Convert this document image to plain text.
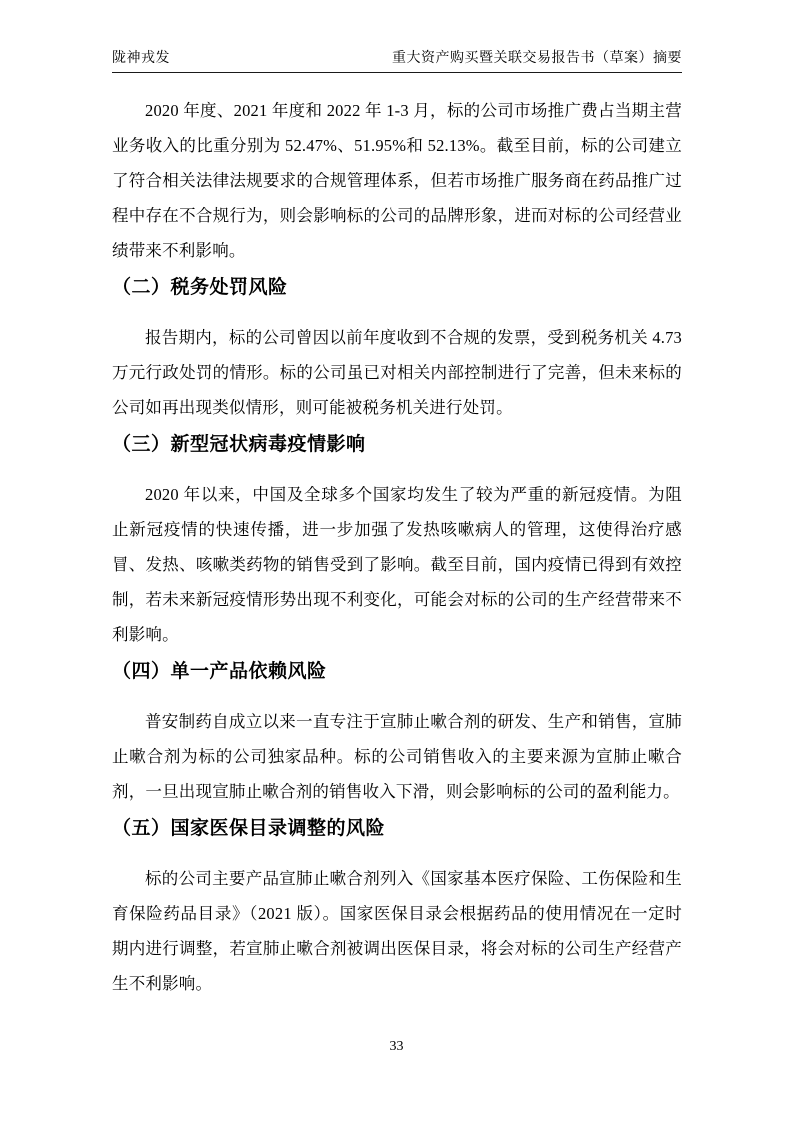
陇神戎发	重大资产购买暨关联交易报告书（草案）摘要

2020 年度、2021 年度和 2022 年 1-3 月，标的公司市场推广费占当期主营业务收入的比重分别为 52.47%、51.95%和 52.13%。截至目前，标的公司建立了符合相关法律法规要求的合规管理体系，但若市场推广服务商在药品推广过程中存在不合规行为，则会影响标的公司的品牌形象，进而对标的公司经营业绩带来不利影响。

（二）税务处罚风险

报告期内，标的公司曾因以前年度收到不合规的发票，受到税务机关 4.73 万元行政处罚的情形。标的公司虽已对相关内部控制进行了完善，但未来标的公司如再出现类似情形，则可能被税务机关进行处罚。

（三）新型冠状病毒疫情影响

2020 年以来，中国及全球多个国家均发生了较为严重的新冠疫情。为阻止新冠疫情的快速传播，进一步加强了发热咳嗽病人的管理，这使得治疗感冒、发热、咳嗽类药物的销售受到了影响。截至目前，国内疫情已得到有效控制，若未来新冠疫情形势出现不利变化，可能会对标的公司的生产经营带来不利影响。

（四）单一产品依赖风险

普安制药自成立以来一直专注于宣肺止嗽合剂的研发、生产和销售，宣肺止嗽合剂为标的公司独家品种。标的公司销售收入的主要来源为宣肺止嗽合剂，一旦出现宣肺止嗽合剂的销售收入下滑，则会影响标的公司的盈利能力。

（五）国家医保目录调整的风险

标的公司主要产品宣肺止嗽合剂列入《国家基本医疗保险、工伤保险和生育保险药品目录》（2021 版）。国家医保目录会根据药品的使用情况在一定时期内进行调整，若宣肺止嗽合剂被调出医保目录，将会对标的公司生产经营产生不利影响。

33
